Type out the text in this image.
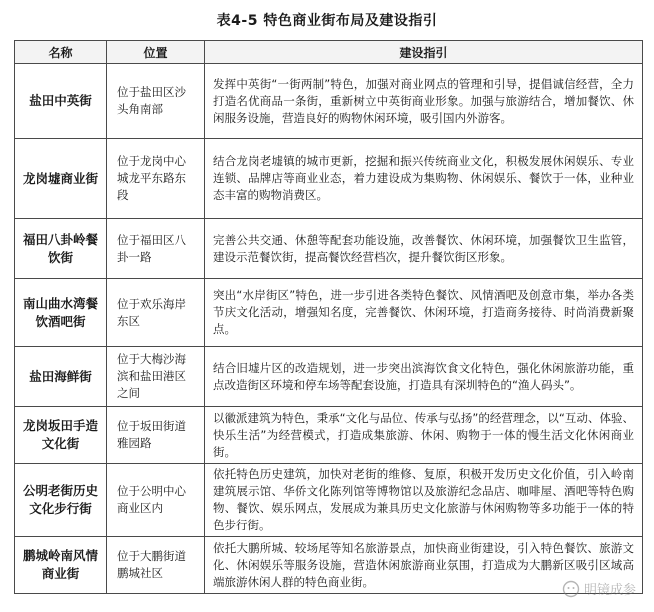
表4-5 特色商业街布局及建设指引
名称	位置	建设指引
盐田中英街	位于盐田区沙头角南部	发挥中英街“一街两制”特色，加强对商业网点的管理和引导，提倡诚信经营，全力打造名优商品一条街，重新树立中英街商业形象。加强与旅游结合，增加餐饮、休闲服务设施，营造良好的购物休闲环境，吸引国内外游客。
龙岗墟商业街	位于龙岗中心城龙平东路东段	结合龙岗老墟镇的城市更新，挖掘和振兴传统商业文化，积极发展休闲娱乐、专业连锁、品牌店等商业业态，着力建设成为集购物、休闲娱乐、餐饮于一体，业种业态丰富的购物消费区。
福田八卦岭餐饮街	位于福田区八卦一路	完善公共交通、休憩等配套功能设施，改善餐饮、休闲环境，加强餐饮卫生监管，建设示范餐饮街，提高餐饮经营档次，提升餐饮街区形象。
南山曲水湾餐饮酒吧街	位于欢乐海岸东区	突出“水岸街区”特色，进一步引进各类特色餐饮、风情酒吧及创意市集，举办各类节庆文化活动，增强知名度，完善餐饮、休闲环境，打造商务接待、时尚消费新聚点。
盐田海鲜街	位于大梅沙海滨和盐田港区之间	结合旧墟片区的改造规划，进一步突出滨海饮食文化特色，强化休闲旅游功能，重点改造街区环境和停车场等配套设施，打造具有深圳特色的“渔人码头”。
龙岗坂田手造文化街	位于坂田街道雅园路	以徽派建筑为特色，秉承“文化与品位、传承与弘扬”的经营理念，以“互动、体验、快乐生活”为经营模式，打造成集旅游、休闲、购物于一体的慢生活文化休闲商业街。
公明老街历史文化步行街	位于公明中心商业区内	依托特色历史建筑，加快对老街的维修、复原，积极开发历史文化价值，引入岭南建筑展示馆、华侨文化陈列馆等博物馆以及旅游纪念品店、咖啡屋、酒吧等特色购物、餐饮、娱乐网点，发展成为兼具历史文化旅游与休闲购物等多功能于一体的特色步行街。
鹏城岭南风情商业街	位于大鹏街道鹏城社区	依托大鹏所城、较场尾等知名旅游景点，加快商业街建设，引入特色餐饮、旅游文化、休闲娱乐等服务设施，营造休闲旅游商业氛围，打造成为大鹏新区吸引区域高端旅游休闲人群的特色商业街。
明镜成参
